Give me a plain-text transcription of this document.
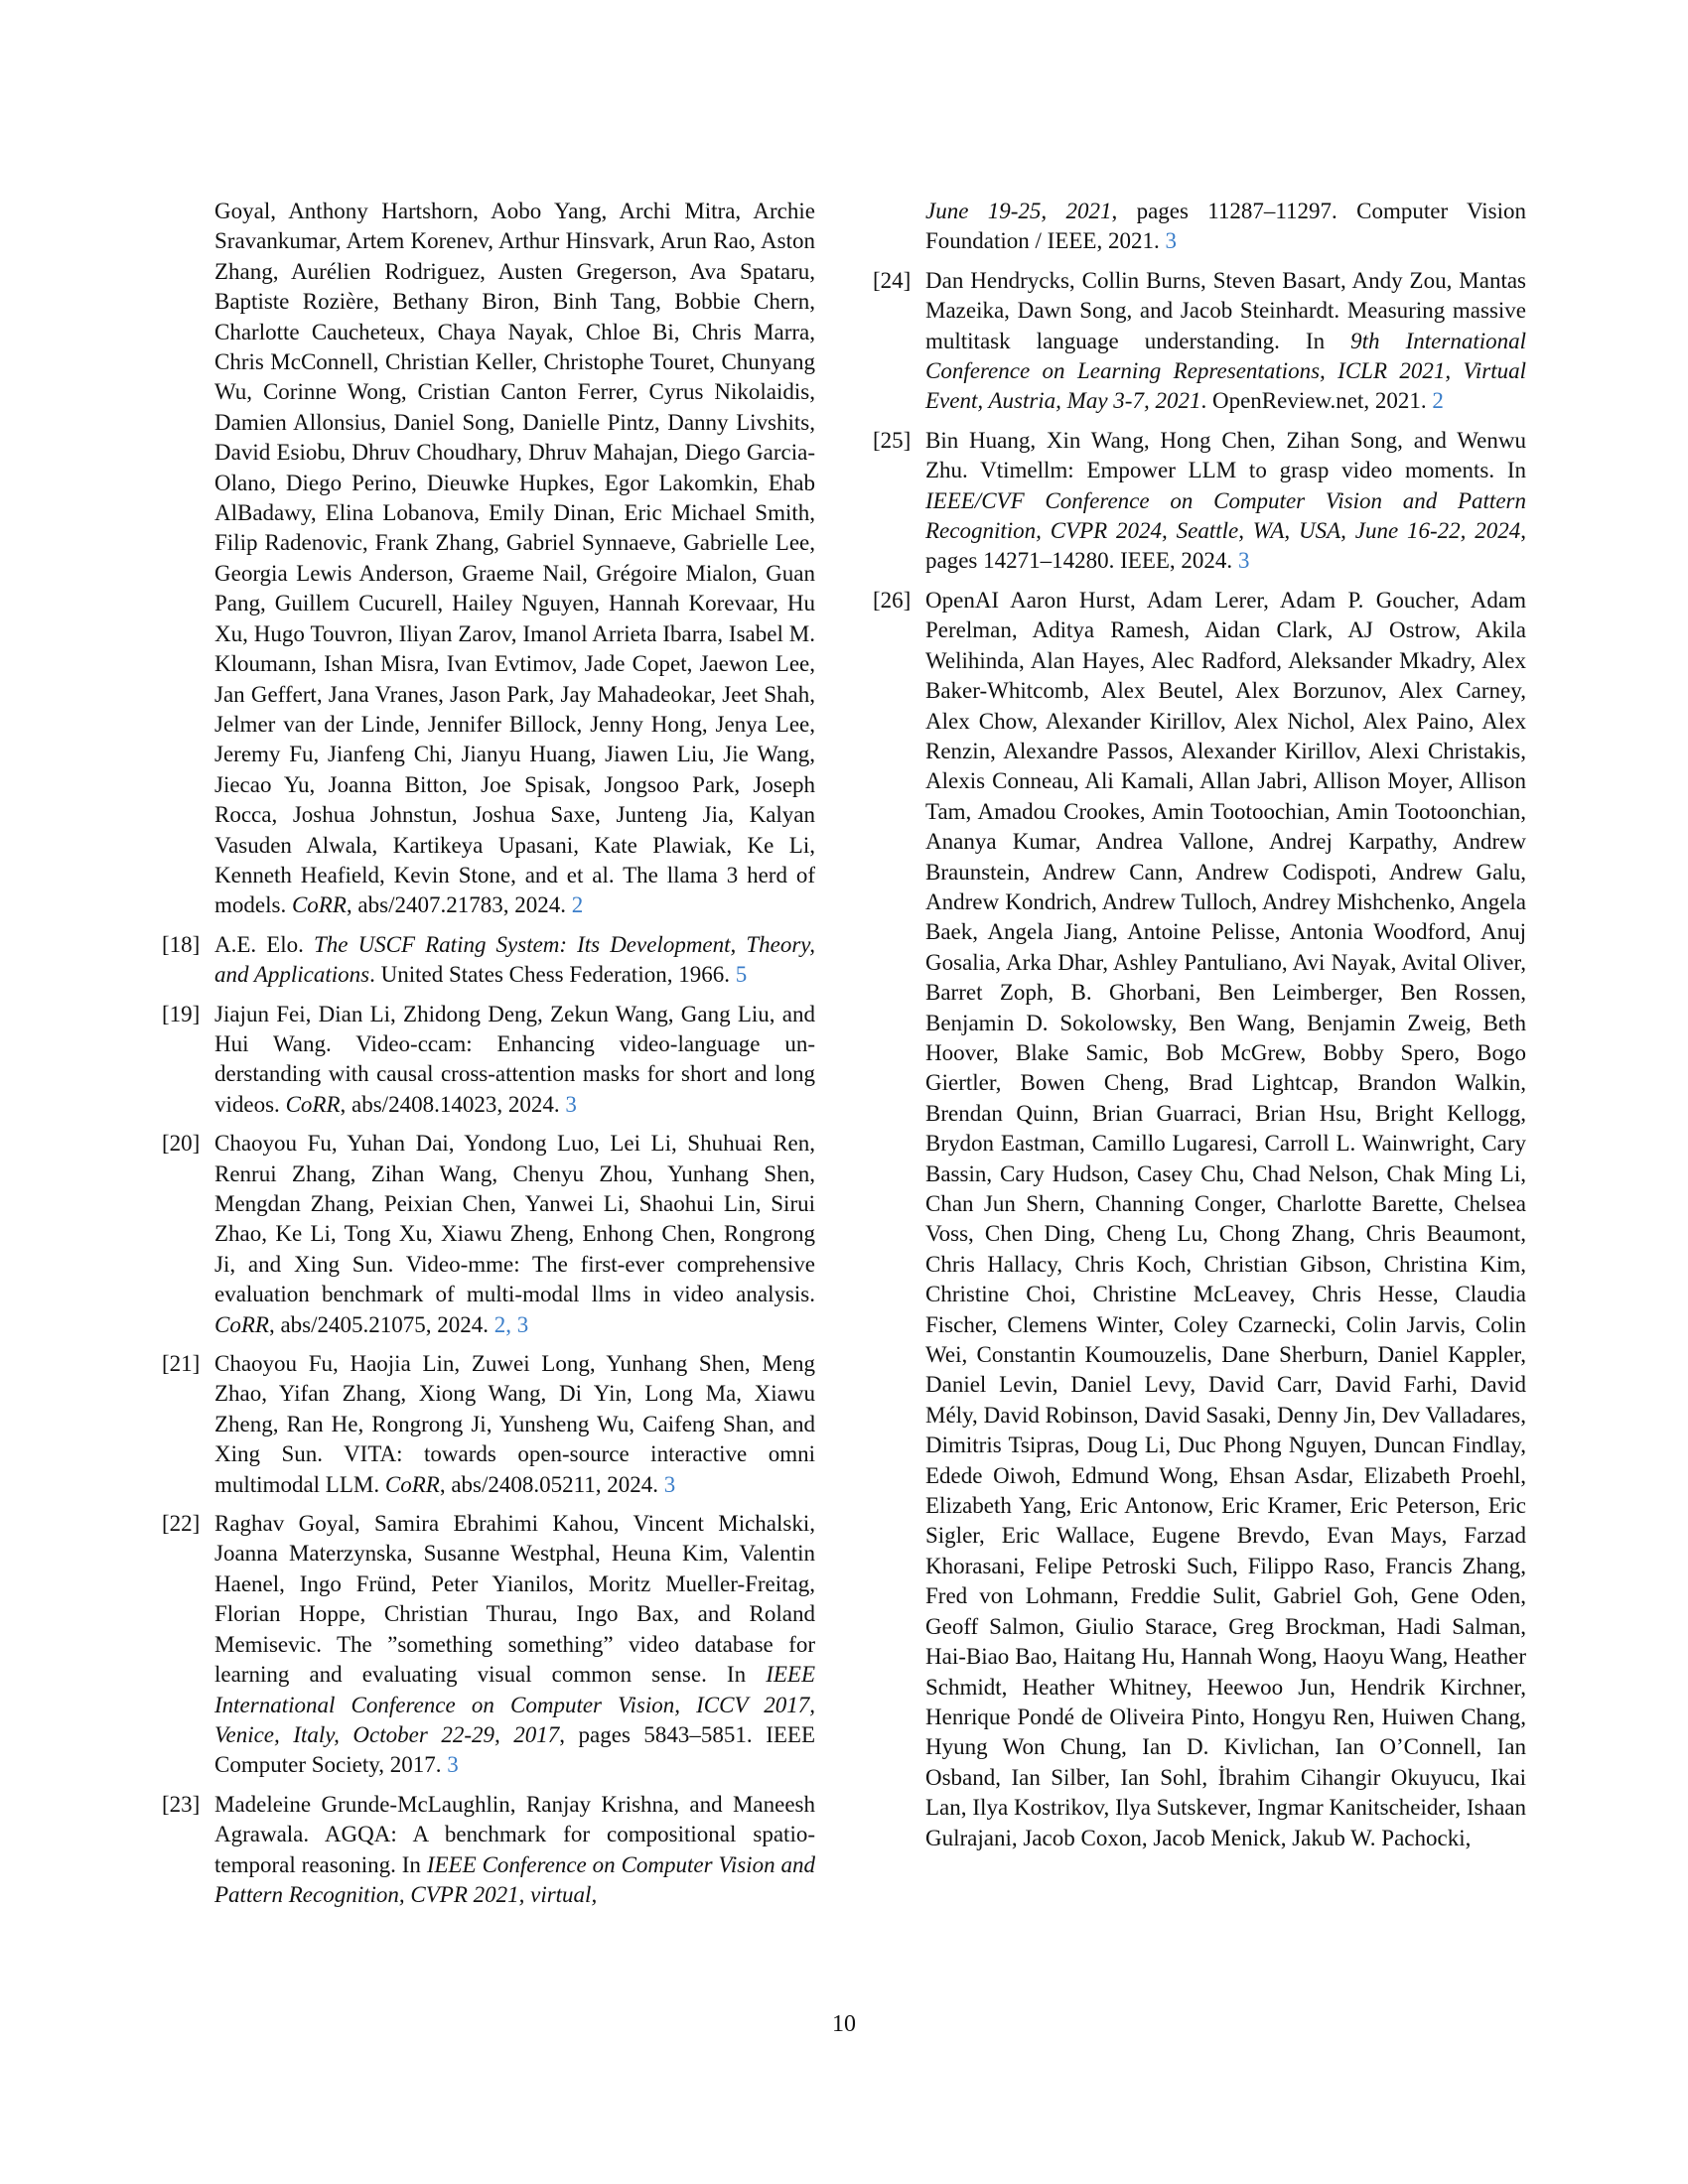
Goyal, Anthony Hartshorn, Aobo Yang, Archi Mitra, Archie Sravankumar, Artem Korenev, Arthur Hinsvark, Arun Rao, Aston Zhang, Aurélien Rodriguez, Austen Gregerson, Ava Spataru, Baptiste Rozière, Bethany Biron, Binh Tang, Bobbie Chern, Charlotte Caucheteux, Chaya Nayak, Chloe Bi, Chris Marra, Chris McConnell, Christian Keller, Christophe Touret, Chunyang Wu, Corinne Wong, Cristian Canton Ferrer, Cyrus Nikolaidis, Damien Allonsius, Daniel Song, Danielle Pintz, Danny Livshits, David Esiobu, Dhruv Choudhary, Dhruv Mahajan, Diego Garcia-Olano, Diego Perino, Dieuwke Hupkes, Egor Lakomkin, Ehab AlBadawy, Elina Lobanova, Emily Dinan, Eric Michael Smith, Filip Radenovic, Frank Zhang, Gabriel Synnaeve, Gabrielle Lee, Georgia Lewis Anderson, Graeme Nail, Grégoire Mialon, Guan Pang, Guillem Cucurell, Hailey Nguyen, Hannah Korevaar, Hu Xu, Hugo Touvron, Iliyan Zarov, Imanol Arrieta Ibarra, Isabel M. Kloumann, Ishan Misra, Ivan Evtimov, Jade Copet, Jaewon Lee, Jan Geffert, Jana Vranes, Jason Park, Jay Mahadeokar, Jeet Shah, Jelmer van der Linde, Jennifer Billock, Jenny Hong, Jenya Lee, Jeremy Fu, Jianfeng Chi, Jianyu Huang, Jiawen Liu, Jie Wang, Jiecao Yu, Joanna Bitton, Joe Spisak, Jongsoo Park, Joseph Rocca, Joshua Johnstun, Joshua Saxe, Junteng Jia, Kalyan Vasuden Alwala, Kartikeya Upasani, Kate Plawiak, Ke Li, Kenneth Heafield, Kevin Stone, and et al. The llama 3 herd of models. CoRR, abs/2407.21783, 2024. 2
[18] A.E. Elo. The USCF Rating System: Its Development, Theory, and Applications. United States Chess Federation, 1966. 5
[19] Jiajun Fei, Dian Li, Zhidong Deng, Zekun Wang, Gang Liu, and Hui Wang. Video-ccam: Enhancing video-language understanding with causal cross-attention masks for short and long videos. CoRR, abs/2408.14023, 2024. 3
[20] Chaoyou Fu, Yuhan Dai, Yondong Luo, Lei Li, Shuhuai Ren, Renrui Zhang, Zihan Wang, Chenyu Zhou, Yunhang Shen, Mengdan Zhang, Peixian Chen, Yanwei Li, Shaohui Lin, Sirui Zhao, Ke Li, Tong Xu, Xiawu Zheng, Enhong Chen, Rongrong Ji, and Xing Sun. Video-mme: The first-ever comprehensive evaluation benchmark of multi-modal llms in video analysis. CoRR, abs/2405.21075, 2024. 2, 3
[21] Chaoyou Fu, Haojia Lin, Zuwei Long, Yunhang Shen, Meng Zhao, Yifan Zhang, Xiong Wang, Di Yin, Long Ma, Xiawu Zheng, Ran He, Rongrong Ji, Yunsheng Wu, Caifeng Shan, and Xing Sun. VITA: towards open-source interactive omni multimodal LLM. CoRR, abs/2408.05211, 2024. 3
[22] Raghav Goyal, Samira Ebrahimi Kahou, Vincent Michalski, Joanna Materzynska, Susanne Westphal, Heuna Kim, Valentin Haenel, Ingo Fründ, Peter Yianilos, Moritz Mueller-Freitag, Florian Hoppe, Christian Thurau, Ingo Bax, and Roland Memisevic. The ”something something” video database for learning and evaluating visual common sense. In IEEE International Conference on Computer Vision, ICCV 2017, Venice, Italy, October 22-29, 2017, pages 5843–5851. IEEE Computer Society, 2017. 3
[23] Madeleine Grunde-McLaughlin, Ranjay Krishna, and Maneesh Agrawala. AGQA: A benchmark for compositional spatio-temporal reasoning. In IEEE Conference on Computer Vision and Pattern Recognition, CVPR 2021, virtual,
June 19-25, 2021, pages 11287–11297. Computer Vision Foundation / IEEE, 2021. 3
[24] Dan Hendrycks, Collin Burns, Steven Basart, Andy Zou, Mantas Mazeika, Dawn Song, and Jacob Steinhardt. Measuring massive multitask language understanding. In 9th International Conference on Learning Representations, ICLR 2021, Virtual Event, Austria, May 3-7, 2021. OpenReview.net, 2021. 2
[25] Bin Huang, Xin Wang, Hong Chen, Zihan Song, and Wenwu Zhu. Vtimellm: Empower LLM to grasp video moments. In IEEE/CVF Conference on Computer Vision and Pattern Recognition, CVPR 2024, Seattle, WA, USA, June 16-22, 2024, pages 14271–14280. IEEE, 2024. 3
[26] OpenAI Aaron Hurst, Adam Lerer, Adam P. Goucher, Adam Perelman, Aditya Ramesh, Aidan Clark, AJ Ostrow, Akila Welihinda, Alan Hayes, Alec Radford, Aleksander Mkadry, Alex Baker-Whitcomb, Alex Beutel, Alex Borzunov, Alex Carney, Alex Chow, Alexander Kirillov, Alex Nichol, Alex Paino, Alex Renzin, Alexandre Passos, Alexander Kirillov, Alexi Christakis, Alexis Conneau, Ali Kamali, Allan Jabri, Allison Moyer, Allison Tam, Amadou Crookes, Amin Tootoochian, Amin Tootoonchian, Ananya Kumar, Andrea Vallone, Andrej Karpathy, Andrew Braunstein, Andrew Cann, Andrew Codispoti, Andrew Galu, Andrew Kondrich, Andrew Tulloch, Andrey Mishchenko, Angela Baek, Angela Jiang, Antoine Pelisse, Antonia Woodford, Anuj Gosalia, Arka Dhar, Ashley Pantuliano, Avi Nayak, Avital Oliver, Barret Zoph, B. Ghorbani, Ben Leimberger, Ben Rossen, Benjamin D. Sokolowsky, Ben Wang, Benjamin Zweig, Beth Hoover, Blake Samic, Bob McGrew, Bobby Spero, Bogo Giertler, Bowen Cheng, Brad Lightcap, Brandon Walkin, Brendan Quinn, Brian Guarraci, Brian Hsu, Bright Kellogg, Brydon Eastman, Camillo Lugaresi, Carroll L. Wainwright, Cary Bassin, Cary Hudson, Casey Chu, Chad Nelson, Chak Ming Li, Chan Jun Shern, Channing Conger, Charlotte Barette, Chelsea Voss, Chen Ding, Cheng Lu, Chong Zhang, Chris Beaumont, Chris Hallacy, Chris Koch, Christian Gibson, Christina Kim, Christine Choi, Christine McLeavey, Chris Hesse, Claudia Fischer, Clemens Winter, Coley Czarnecki, Colin Jarvis, Colin Wei, Constantin Koumouzelis, Dane Sherburn, Daniel Kappler, Daniel Levin, Daniel Levy, David Carr, David Farhi, David Mély, David Robinson, David Sasaki, Denny Jin, Dev Valladares, Dimitris Tsipras, Doug Li, Duc Phong Nguyen, Duncan Findlay, Edede Oiwoh, Edmund Wong, Ehsan Asdar, Elizabeth Proehl, Elizabeth Yang, Eric Antonow, Eric Kramer, Eric Peterson, Eric Sigler, Eric Wallace, Eugene Brevdo, Evan Mays, Farzad Khorasani, Felipe Petroski Such, Filippo Raso, Francis Zhang, Fred von Lohmann, Freddie Sulit, Gabriel Goh, Gene Oden, Geoff Salmon, Giulio Starace, Greg Brockman, Hadi Salman, Hai-Biao Bao, Haitang Hu, Hannah Wong, Haoyu Wang, Heather Schmidt, Heather Whitney, Heewoo Jun, Hendrik Kirchner, Henrique Pondé de Oliveira Pinto, Hongyu Ren, Huiwen Chang, Hyung Won Chung, Ian D. Kivlichan, Ian O’Connell, Ian Osband, Ian Silber, Ian Sohl, İbrahim Cihangir Okuyucu, Ikai Lan, Ilya Kostrikov, Ilya Sutskever, Ingmar Kanitscheider, Ishaan Gulrajani, Jacob Coxon, Jacob Menick, Jakub W. Pachocki,
10
